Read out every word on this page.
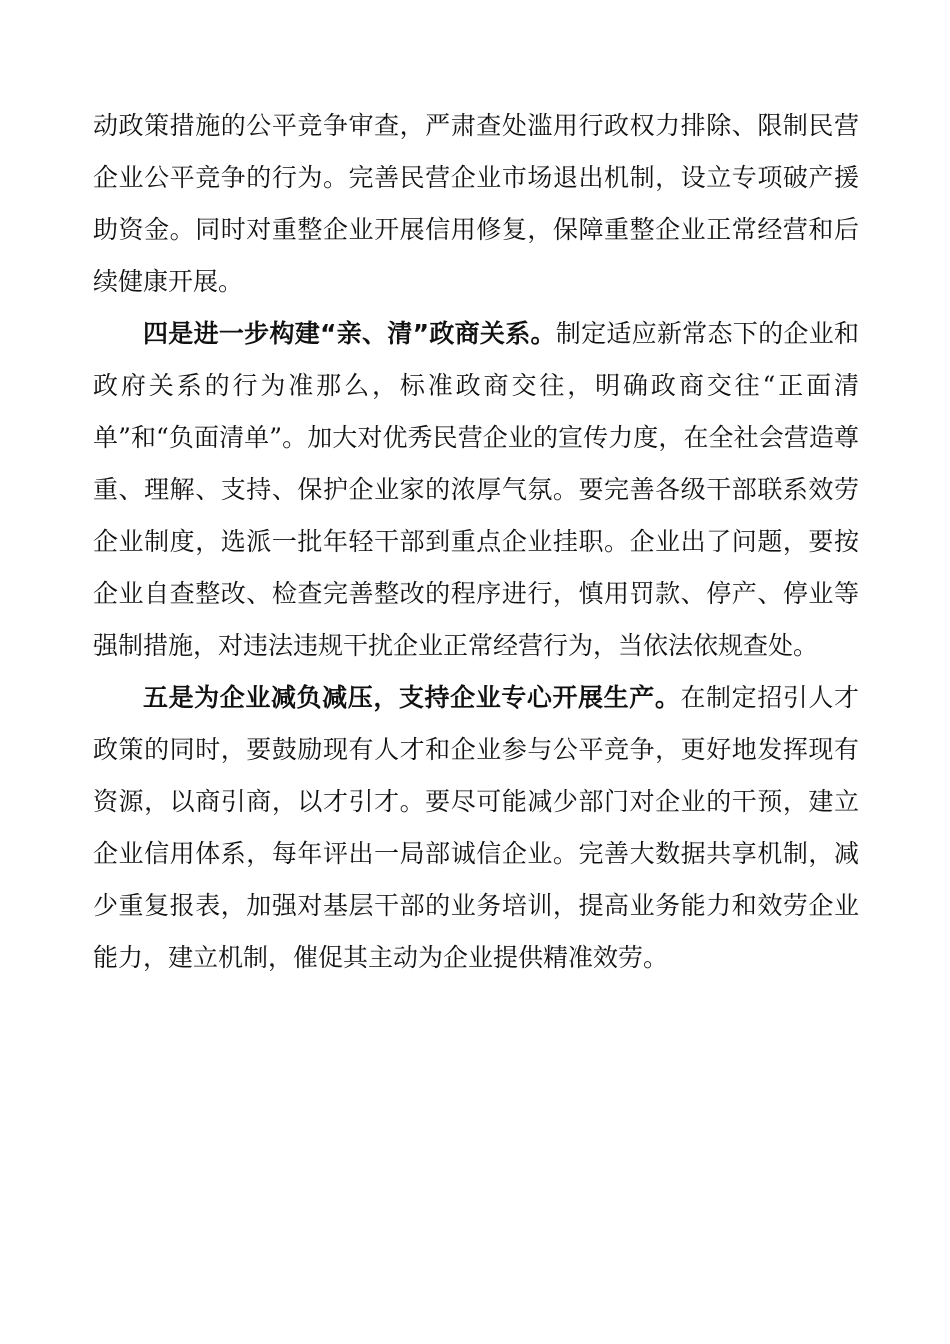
动政策措施的公平竞争审查，严肃查处滥用行政权力排除、限制民营企业公平竞争的行为。完善民营企业市场退出机制，设立专项破产援助资金。同时对重整企业开展信用修复，保障重整企业正常经营和后续健康开展。

四是进一步构建“亲、清”政商关系。制定适应新常态下的企业和政府关系的行为准那么，标准政商交往，明确政商交往“正面清单”和“负面清单”。加大对优秀民营企业的宣传力度，在全社会营造尊重、理解、支持、保护企业家的浓厚气氛。要完善各级干部联系效劳企业制度，选派一批年轻干部到重点企业挂职。企业出了问题，要按企业自查整改、检查完善整改的程序进行，慎用罚款、停产、停业等强制措施，对违法违规干扰企业正常经营行为，当依法依规查处。

五是为企业减负减压，支持企业专心开展生产。在制定招引人才政策的同时，要鼓励现有人才和企业参与公平竞争，更好地发挥现有资源，以商引商，以才引才。要尽可能减少部门对企业的干预，建立企业信用体系，每年评出一局部诚信企业。完善大数据共享机制，减少重复报表，加强对基层干部的业务培训，提高业务能力和效劳企业能力，建立机制，催促其主动为企业提供精准效劳。
